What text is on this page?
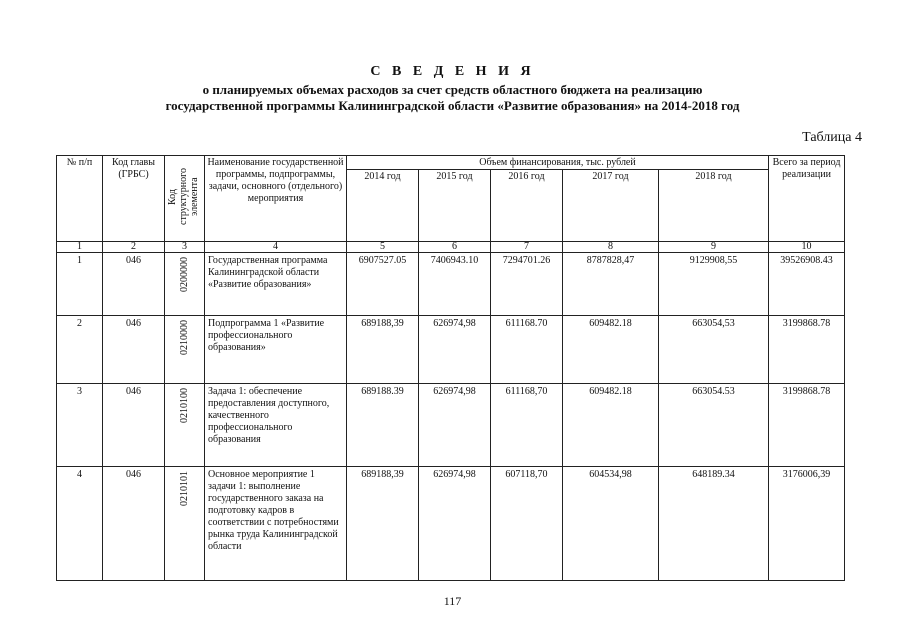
С В Е Д Е Н И Я
о планируемых объемах расходов за счет средств областного бюджета на реализацию
государственной программы Калининградской области «Развитие образования» на 2014-2018 год
Таблица 4
№ п/п	Код главы (ГРБС)	Код структурного элемента	Наименование государственной программы, подпрограммы, задачи, основного (отдельного) мероприятия	Объем финансирования, тыс. рублей					Всего за период реализации
				2014 год	2015 год	2016 год	2017 год	2018 год	
1	2	3	4	5	6	7	8	9	10
1	046	0200000	Государственная программа Калининградской области «Развитие образования»	6907527.05	7406943.10	7294701.26	8787828,47	9129908,55	39526908.43
2	046	0210000	Подпрограмма 1 «Развитие профессионального образования»	689188,39	626974,98	611168.70	609482.18	663054,53	3199868.78
3	046	0210100	Задача 1: обеспечение предоставления доступного, качественного профессионального образования	689188.39	626974,98	611168,70	609482.18	663054.53	3199868.78
4	046	0210101	Основное мероприятие 1 задачи 1: выполнение государственного заказа на подготовку кадров в соответствии с потребностями рынка труда Калининградской области	689188,39	626974,98	607118,70	604534,98	648189.34	3176006,39
117
